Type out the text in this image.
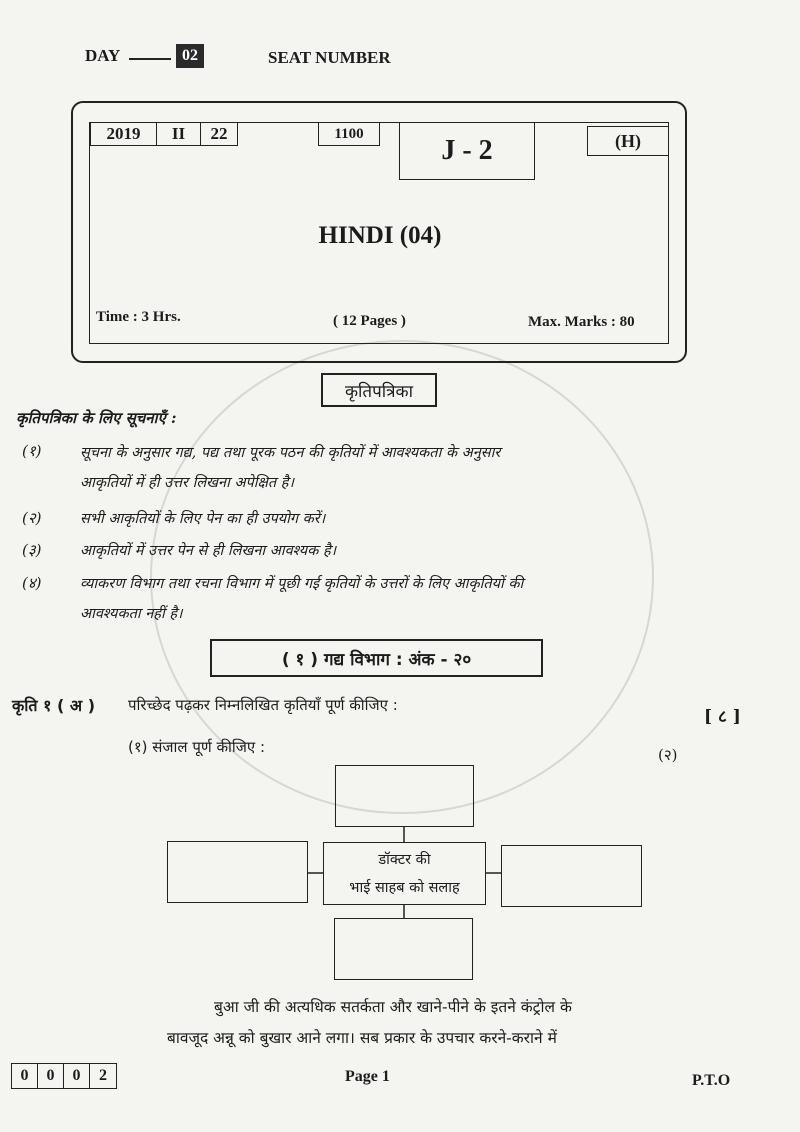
DAY	02	SEAT NUMBER
2019	II	22	1100
J - 2	(H)
HINDI (04)
Time : 3 Hrs.	( 12 Pages )	Max. Marks : 80
कृतिपत्रिका
कृतिपत्रिका के लिए सूचनाएँ :
(१)	सूचना के अनुसार गद्य, पद्य तथा पूरक पठन की कृतियों में आवश्यकता के अनुसार
आकृतियों में ही उत्तर लिखना अपेक्षित है।
(२)	सभी आकृतियों के लिए पेन का ही उपयोग करें।
(३)	आकृतियों में उत्तर पेन से ही लिखना आवश्यक है।
(४)	व्याकरण विभाग तथा रचना विभाग में पूछी गई कृतियों के उत्तरों के लिए आकृतियों की
आवश्यकता नहीं है।
( १ ) गद्य विभाग : अंक - २०
कृति १ ( अ ) परिच्छेद पढ़कर निम्नलिखित कृतियाँ पूर्ण कीजिए :
[ ८ ]
(१) संजाल पूर्ण कीजिए :	(२)
डॉक्टर की
भाई साहब को सलाह
बुआ जी की अत्यधिक सतर्कता और खाने-पीने के इतने कंट्रोल के
बावजूद अन्नू को बुखार आने लगा। सब प्रकार के उपचार करने-कराने में
0	0	0	2	Page 1	P.T.O
